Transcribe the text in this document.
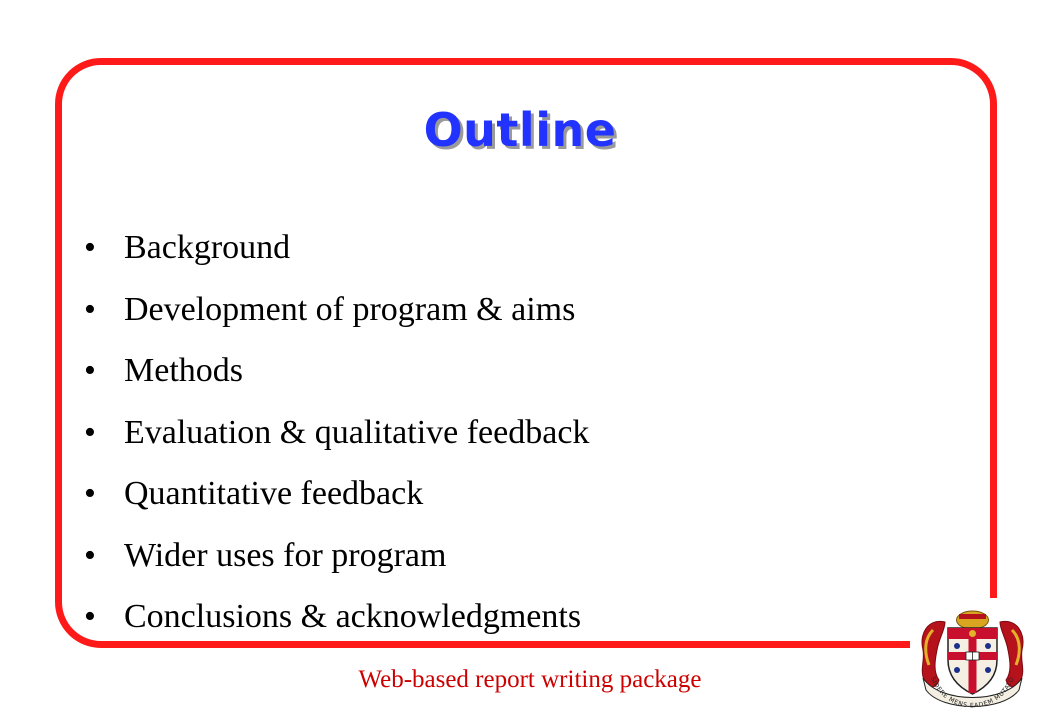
Outline
• Background
• Development of program & aims
• Methods
• Evaluation & qualitative feedback
• Quantitative feedback
• Wider uses for program
• Conclusions & acknowledgments
Web-based report writing package	SIDERE MENS EADEM MUTATO
